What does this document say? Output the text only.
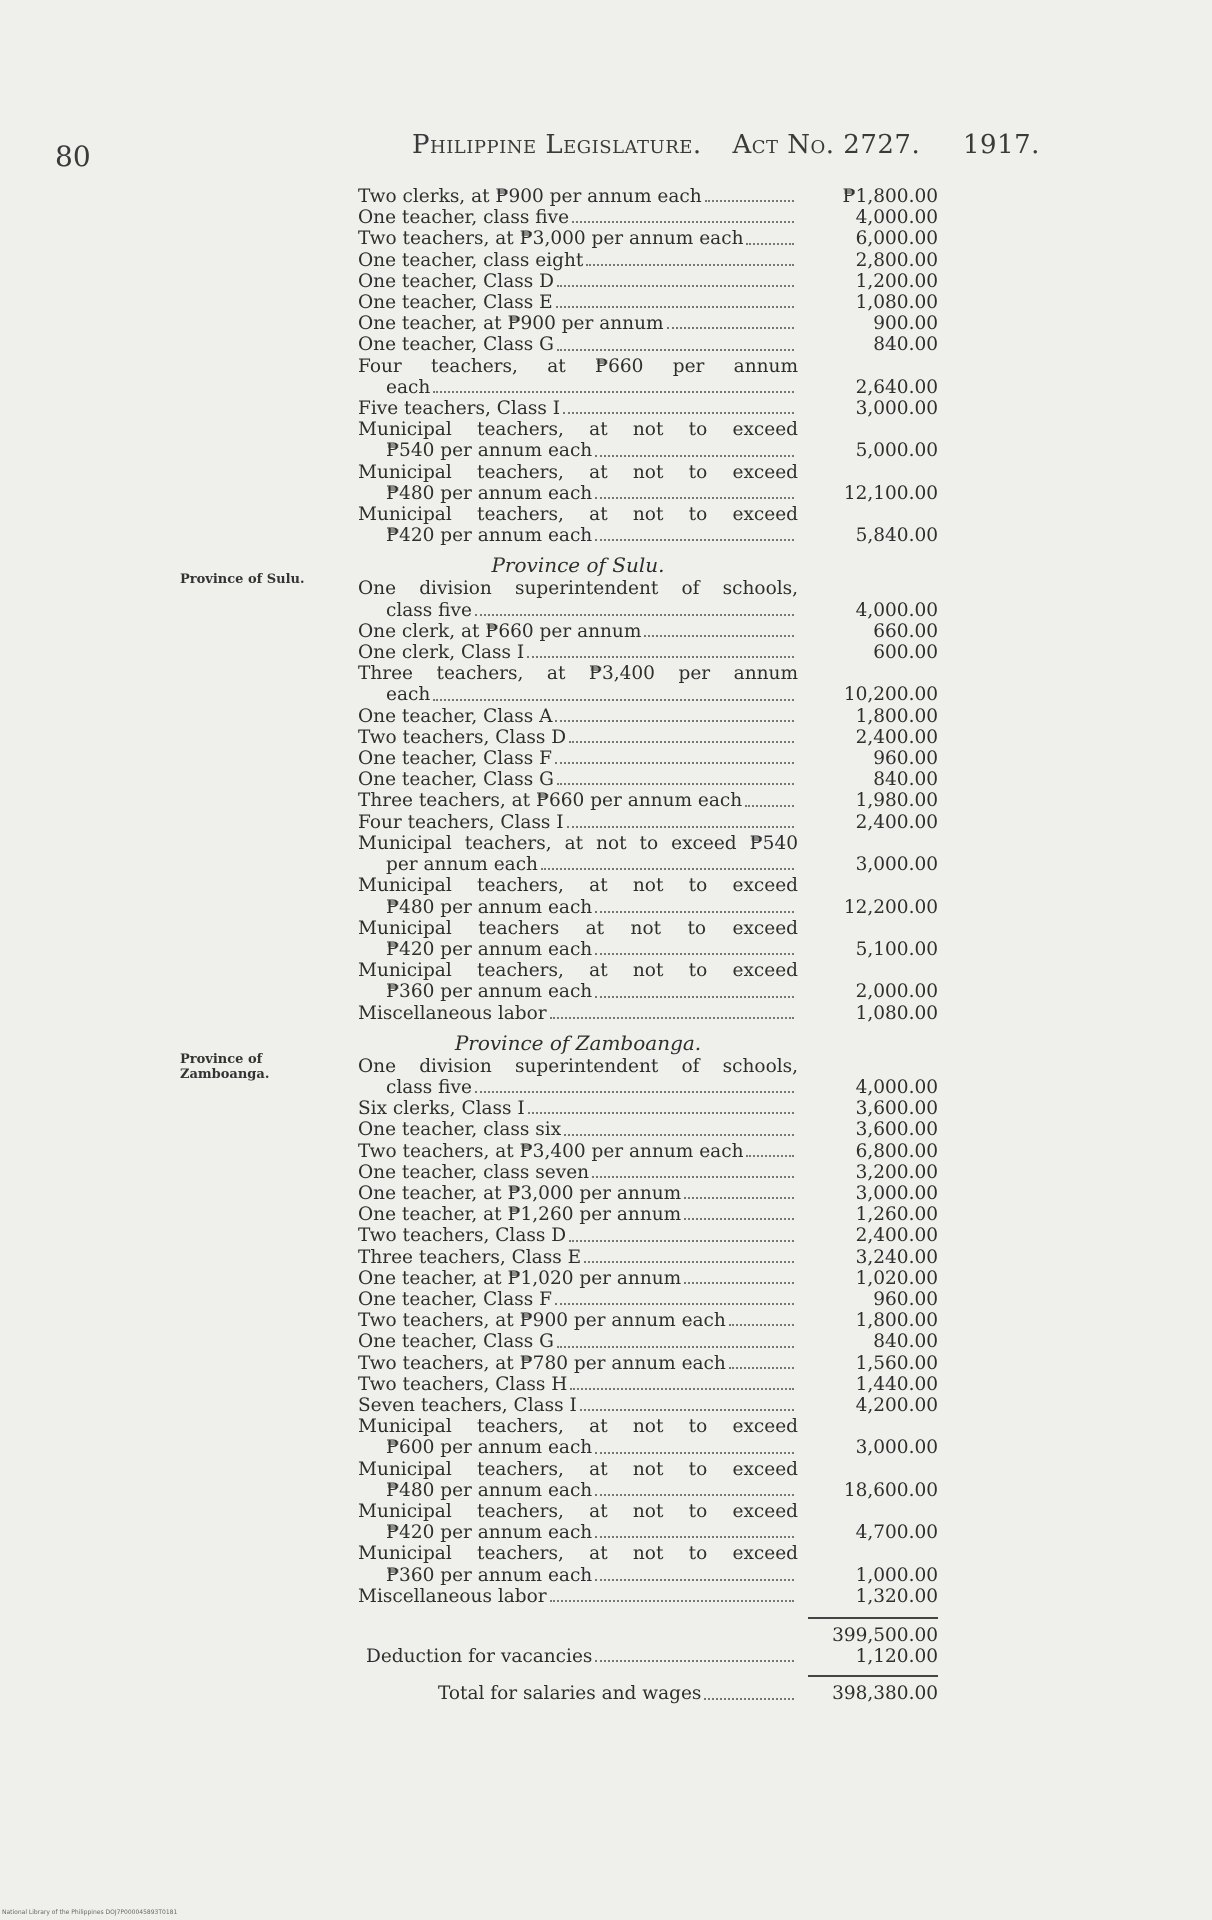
80	Philippine Legislature. Act No. 2727. 1917.
Province of Sulu.
Province of Zamboanga.
Two clerks, at ₱900 per annum each	₱1,800.00
One teacher, class five	4,000.00
Two teachers, at ₱3,000 per annum each	6,000.00
One teacher, class eight	2,800.00
One teacher, Class D	1,200.00
One teacher, Class E	1,080.00
One teacher, at ₱900 per annum	900.00
One teacher, Class G	840.00
Four teachers, at ₱660 per annum
each	2,640.00
Five teachers, Class I	3,000.00
Municipal teachers, at not to exceed
₱540 per annum each	5,000.00
Municipal teachers, at not to exceed
₱480 per annum each	12,100.00
Municipal teachers, at not to exceed
₱420 per annum each	5,840.00
Province of Sulu.
One division superintendent of schools,
class five	4,000.00
One clerk, at ₱660 per annum	660.00
One clerk, Class I	600.00
Three teachers, at ₱3,400 per annum
each	10,200.00
One teacher, Class A	1,800.00
Two teachers, Class D	2,400.00
One teacher, Class F	960.00
One teacher, Class G	840.00
Three teachers, at ₱660 per annum each	1,980.00
Four teachers, Class I	2,400.00
Municipal teachers, at not to exceed ₱540
per annum each	3,000.00
Municipal teachers, at not to exceed
₱480 per annum each	12,200.00
Municipal teachers at not to exceed
₱420 per annum each	5,100.00
Municipal teachers, at not to exceed
₱360 per annum each	2,000.00
Miscellaneous labor	1,080.00
Province of Zamboanga.
One division superintendent of schools,
class five	4,000.00
Six clerks, Class I	3,600.00
One teacher, class six	3,600.00
Two teachers, at ₱3,400 per annum each	6,800.00
One teacher, class seven	3,200.00
One teacher, at ₱3,000 per annum	3,000.00
One teacher, at ₱1,260 per annum	1,260.00
Two teachers, Class D	2,400.00
Three teachers, Class E	3,240.00
One teacher, at ₱1,020 per annum	1,020.00
One teacher, Class F	960.00
Two teachers, at ₱900 per annum each	1,800.00
One teacher, Class G	840.00
Two teachers, at ₱780 per annum each	1,560.00
Two teachers, Class H	1,440.00
Seven teachers, Class I	4,200.00
Municipal teachers, at not to exceed
₱600 per annum each	3,000.00
Municipal teachers, at not to exceed
₱480 per annum each	18,600.00
Municipal teachers, at not to exceed
₱420 per annum each	4,700.00
Municipal teachers, at not to exceed
₱360 per annum each	1,000.00
Miscellaneous labor	1,320.00
399,500.00
Deduction for vacancies	1,120.00
Total for salaries and wages	398,380.00
National Library of the Philippines DOJ7P000045893T0181
